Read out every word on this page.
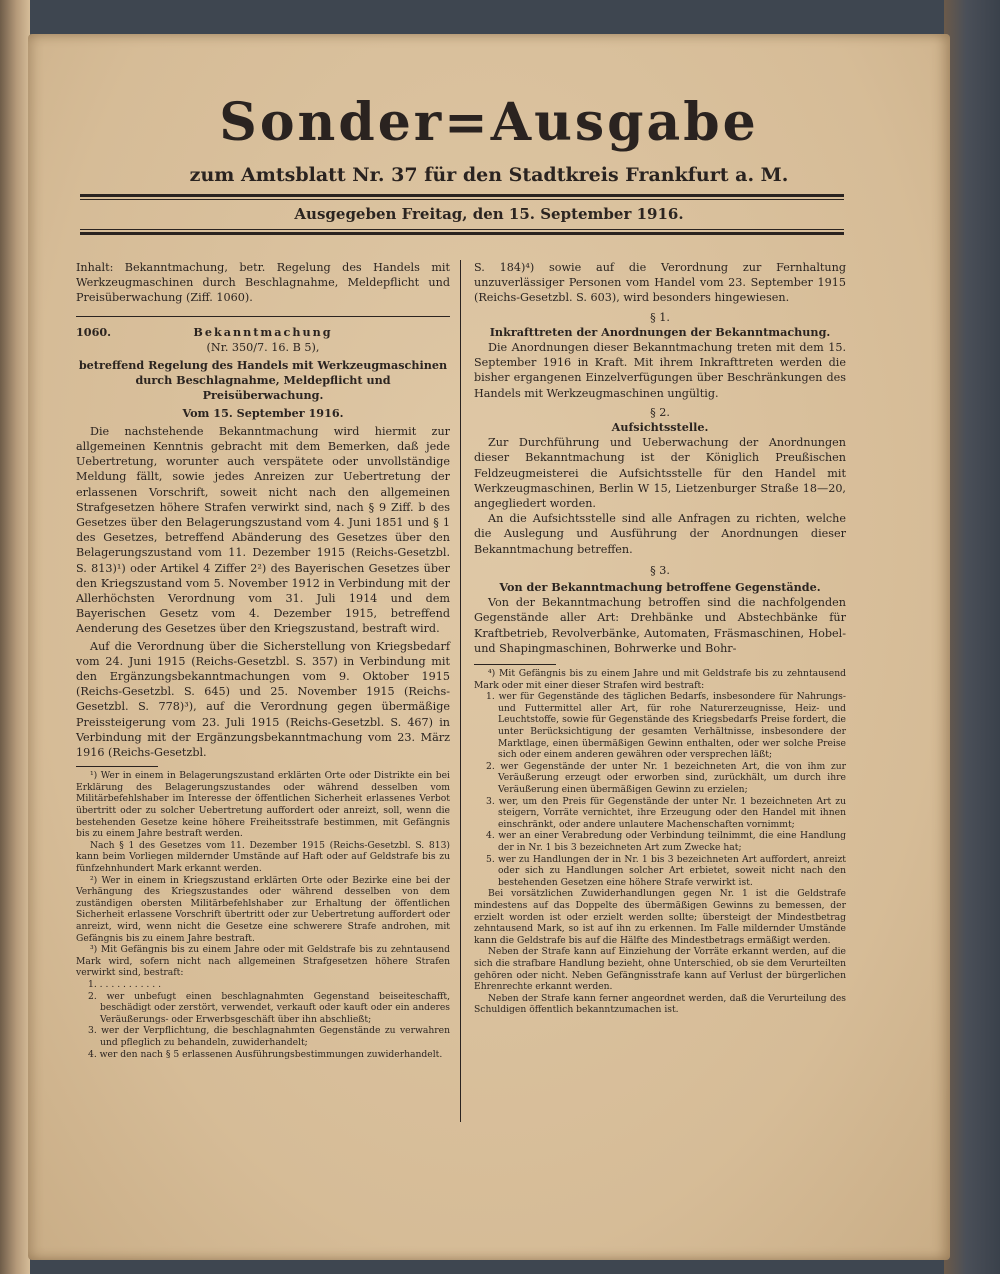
Sonder=Ausgabe
zum Amtsblatt Nr. 37 für den Stadtkreis Frankfurt a. M.
Ausgegeben Freitag, den 15. September 1916.

Inhalt: Bekanntmachung, betr. Regelung des Handels mit Werkzeugmaschinen durch Beschlagnahme, Meldepflicht und Preisüberwachung (Ziff. 1060).

1060.	Bekanntmachung

(Nr. 350/7. 16. B 5),

betreffend Regelung des Handels mit Werkzeugmaschinen durch Beschlagnahme, Meldepflicht und Preisüberwachung.

Vom 15. September 1916.

Die nachstehende Bekanntmachung wird hiermit zur allgemeinen Kenntnis gebracht mit dem Bemerken, daß jede Uebertretung, worunter auch verspätete oder unvollständige Meldung fällt, sowie jedes Anreizen zur Uebertretung der erlassenen Vorschrift, soweit nicht nach den allgemeinen Strafgesetzen höhere Strafen verwirkt sind, nach § 9 Ziff. b des Gesetzes über den Belagerungszustand vom 4. Juni 1851 und § 1 des Gesetzes, betreffend Abänderung des Gesetzes über den Belagerungszustand vom 11. Dezember 1915 (Reichs-Gesetzbl. S. 813)¹) oder Artikel 4 Ziffer 2²) des Bayerischen Gesetzes über den Kriegszustand vom 5. November 1912 in Verbindung mit der Allerhöchsten Verordnung vom 31. Juli 1914 und dem Bayerischen Gesetz vom 4. Dezember 1915, betreffend Aenderung des Gesetzes über den Kriegszustand, bestraft wird.

Auf die Verordnung über die Sicherstellung von Kriegsbedarf vom 24. Juni 1915 (Reichs-Gesetzbl. S. 357) in Verbindung mit den Ergänzungsbekanntmachungen vom 9. Oktober 1915 (Reichs-Gesetzbl. S. 645) und 25. November 1915 (Reichs-Gesetzbl. S. 778)³), auf die Verordnung gegen übermäßige Preissteigerung vom 23. Juli 1915 (Reichs-Gesetzbl. S. 467) in Verbindung mit der Ergänzungsbekanntmachung vom 23. März 1916 (Reichs-Gesetzbl.

¹) Wer in einem in Belagerungszustand erklärten Orte oder Distrikte ein bei Erklärung des Belagerungszustandes oder während desselben vom Militärbefehlshaber im Interesse der öffentlichen Sicherheit erlassenes Verbot übertritt oder zu solcher Uebertretung auffordert oder anreizt, soll, wenn die bestehenden Gesetze keine höhere Freiheitsstrafe bestimmen, mit Gefängnis bis zu einem Jahre bestraft werden.

Nach § 1 des Gesetzes vom 11. Dezember 1915 (Reichs-Gesetzbl. S. 813) kann beim Vorliegen mildernder Umstände auf Haft oder auf Geldstrafe bis zu fünfzehnhundert Mark erkannt werden.

²) Wer in einem in Kriegszustand erklärten Orte oder Bezirke eine bei der Verhängung des Kriegszustandes oder während desselben von dem zuständigen obersten Militärbefehlshaber zur Erhaltung der öffentlichen Sicherheit erlassene Vorschrift übertritt oder zur Uebertretung auffordert oder anreizt, wird, wenn nicht die Gesetze eine schwerere Strafe androhen, mit Gefängnis bis zu einem Jahre bestraft.

³) Mit Gefängnis bis zu einem Jahre oder mit Geldstrafe bis zu zehntausend Mark wird, sofern nicht nach allgemeinen Strafgesetzen höhere Strafen verwirkt sind, bestraft:

1. . . . . . . . . . . .

2. wer unbefugt einen beschlagnahmten Gegenstand beiseiteschafft, beschädigt oder zerstört, verwendet, verkauft oder kauft oder ein anderes Veräußerungs- oder Erwerbsgeschäft über ihn abschließt;

3. wer der Verpflichtung, die beschlagnahmten Gegenstände zu verwahren und pfleglich zu behandeln, zuwiderhandelt;

4. wer den nach § 5 erlassenen Ausführungsbestimmungen zuwiderhandelt.

S. 184)⁴) sowie auf die Verordnung zur Fernhaltung unzuverlässiger Personen vom Handel vom 23. September 1915 (Reichs-Gesetzbl. S. 603), wird besonders hingewiesen.

§ 1.

Inkrafttreten der Anordnungen der Bekanntmachung.

Die Anordnungen dieser Bekanntmachung treten mit dem 15. September 1916 in Kraft. Mit ihrem Inkrafttreten werden die bisher ergangenen Einzelverfügungen über Beschränkungen des Handels mit Werkzeugmaschinen ungültig.

§ 2.

Aufsichtsstelle.

Zur Durchführung und Ueberwachung der Anordnungen dieser Bekanntmachung ist der Königlich Preußischen Feldzeugmeisterei die Aufsichtsstelle für den Handel mit Werkzeugmaschinen, Berlin W 15, Lietzenburger Straße 18—20, angegliedert worden.

An die Aufsichtsstelle sind alle Anfragen zu richten, welche die Auslegung und Ausführung der Anordnungen dieser Bekanntmachung betreffen.

§ 3.

Von der Bekanntmachung betroffene Gegenstände.

Von der Bekanntmachung betroffen sind die nachfolgenden Gegenstände aller Art: Drehbänke und Abstechbänke für Kraftbetrieb, Revolverbänke, Automaten, Fräsmaschinen, Hobel- und Shapingmaschinen, Bohrwerke und Bohr-

⁴) Mit Gefängnis bis zu einem Jahre und mit Geldstrafe bis zu zehntausend Mark oder mit einer dieser Strafen wird bestraft:

1. wer für Gegenstände des täglichen Bedarfs, insbesondere für Nahrungs- und Futtermittel aller Art, für rohe Naturerzeugnisse, Heiz- und Leuchtstoffe, sowie für Gegenstände des Kriegsbedarfs Preise fordert, die unter Berücksichtigung der gesamten Verhältnisse, insbesondere der Marktlage, einen übermäßigen Gewinn enthalten, oder wer solche Preise sich oder einem anderen gewähren oder versprechen läßt;

2. wer Gegenstände der unter Nr. 1 bezeichneten Art, die von ihm zur Veräußerung erzeugt oder erworben sind, zurückhält, um durch ihre Veräußerung einen übermäßigen Gewinn zu erzielen;

3. wer, um den Preis für Gegenstände der unter Nr. 1 bezeichneten Art zu steigern, Vorräte vernichtet, ihre Erzeugung oder den Handel mit ihnen einschränkt, oder andere unlautere Machenschaften vornimmt;

4. wer an einer Verabredung oder Verbindung teilnimmt, die eine Handlung der in Nr. 1 bis 3 bezeichneten Art zum Zwecke hat;

5. wer zu Handlungen der in Nr. 1 bis 3 bezeichneten Art auffordert, anreizt oder sich zu Handlungen solcher Art erbietet, soweit nicht nach den bestehenden Gesetzen eine höhere Strafe verwirkt ist.

Bei vorsätzlichen Zuwiderhandlungen gegen Nr. 1 ist die Geldstrafe mindestens auf das Doppelte des übermäßigen Gewinns zu bemessen, der erzielt worden ist oder erzielt werden sollte; übersteigt der Mindestbetrag zehntausend Mark, so ist auf ihn zu erkennen. Im Falle mildernder Umstände kann die Geldstrafe bis auf die Hälfte des Mindestbetrags ermäßigt werden.

Neben der Strafe kann auf Einziehung der Vorräte erkannt werden, auf die sich die strafbare Handlung bezieht, ohne Unterschied, ob sie dem Verurteilten gehören oder nicht. Neben Gefängnisstrafe kann auf Verlust der bürgerlichen Ehrenrechte erkannt werden.

Neben der Strafe kann ferner angeordnet werden, daß die Verurteilung des Schuldigen öffentlich bekanntzumachen ist.
